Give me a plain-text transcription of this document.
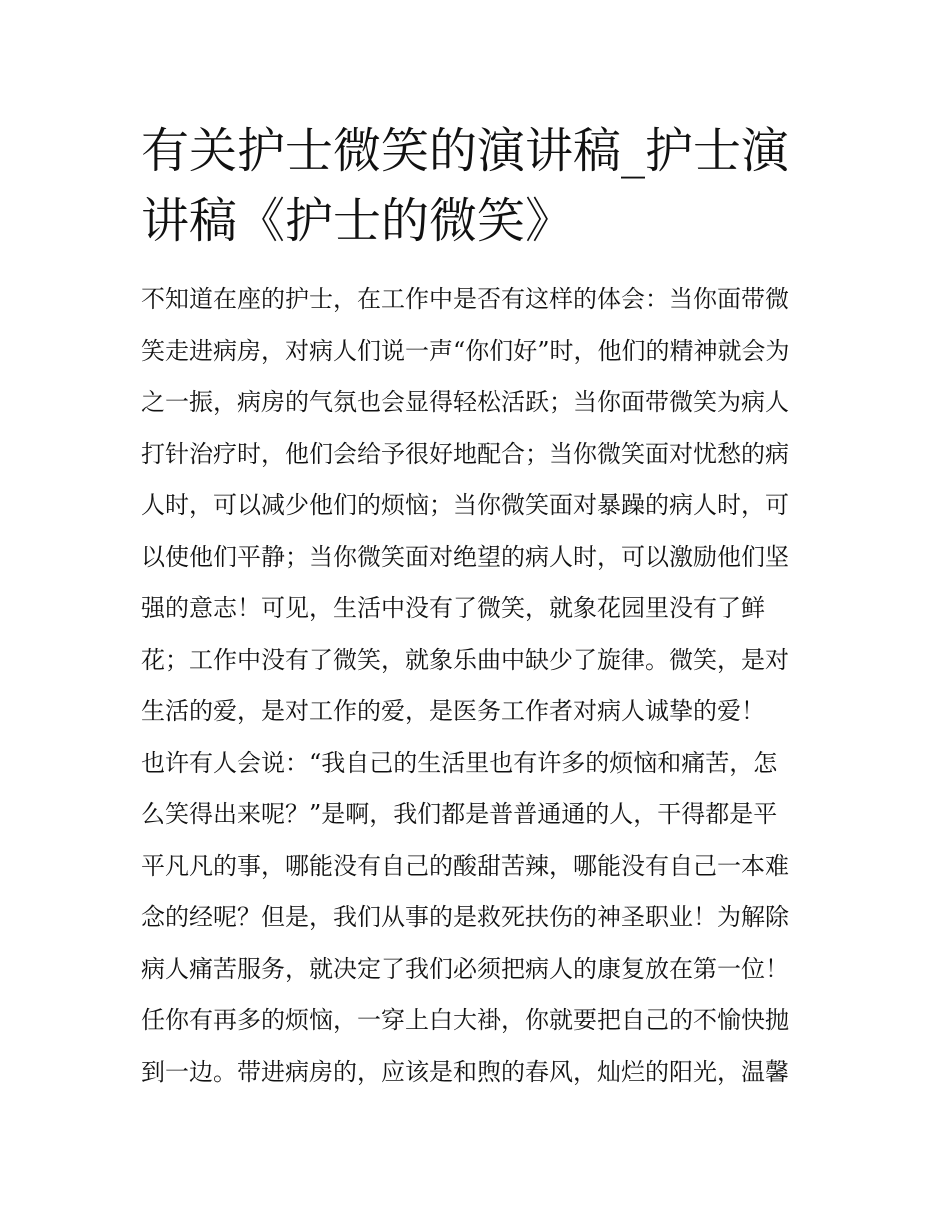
有关护士微笑的演讲稿_护士演
讲稿《护士的微笑》
不知道在座的护士，在工作中是否有这样的体会：当你面带微
笑走进病房，对病人们说一声“你们好”时，他们的精神就会为
之一振，病房的气氛也会显得轻松活跃；当你面带微笑为病人
打针治疗时，他们会给予很好地配合；当你微笑面对忧愁的病
人时，可以减少他们的烦恼；当你微笑面对暴躁的病人时，可
以使他们平静；当你微笑面对绝望的病人时，可以激励他们坚
强的意志！可见，生活中没有了微笑，就象花园里没有了鲜
花；工作中没有了微笑，就象乐曲中缺少了旋律。微笑，是对
生活的爱，是对工作的爱，是医务工作者对病人诚挚的爱！
也许有人会说：“我自己的生活里也有许多的烦恼和痛苦，怎
么笑得出来呢？”是啊，我们都是普普通通的人，干得都是平
平凡凡的事，哪能没有自己的酸甜苦辣，哪能没有自己一本难
念的经呢？但是，我们从事的是救死扶伤的神圣职业！为解除
病人痛苦服务，就决定了我们必须把病人的康复放在第一位！
任你有再多的烦恼，一穿上白大褂，你就要把自己的不愉快抛
到一边。带进病房的，应该是和煦的春风，灿烂的阳光，温馨
